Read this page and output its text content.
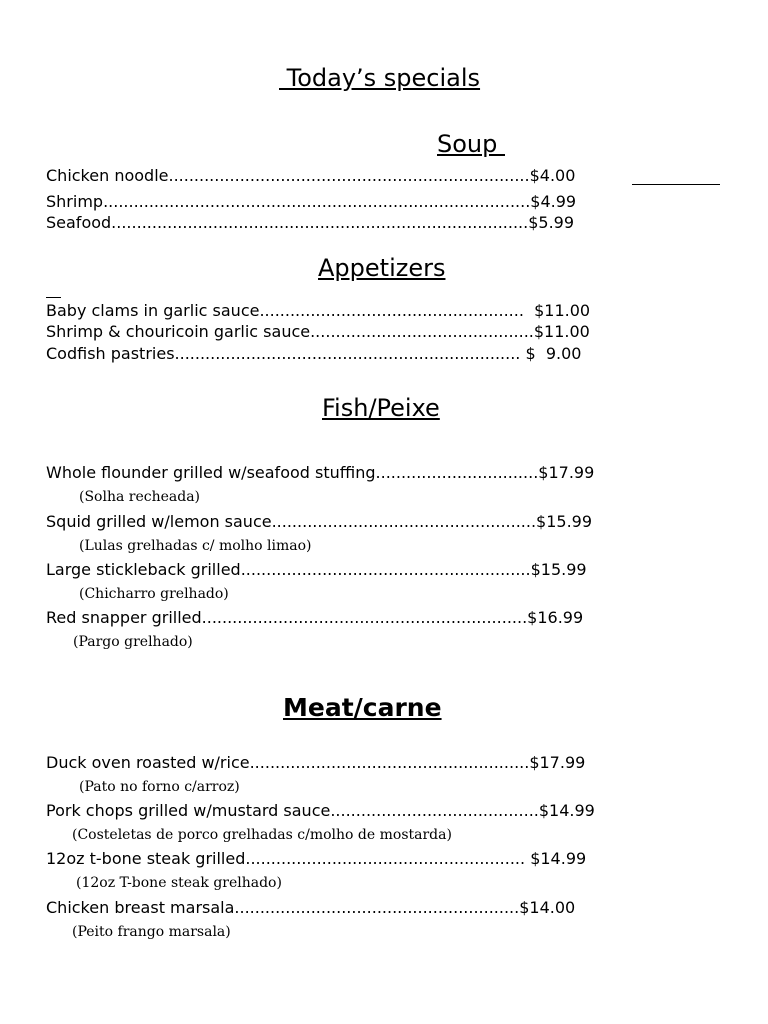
Today’s specials
Soup
Chicken noodle.......................................................................$4.00
Shrimp....................................................................................$4.99
Seafood..................................................................................$5.99
Appetizers
Baby clams in garlic sauce....................................................  $11.00
Shrimp & chouricoin garlic sauce............................................$11.00
Codfish pastries.................................................................... $  9.00
Fish/Peixe
Whole flounder grilled w/seafood stuffing................................$17.99
(Solha recheada)
Squid grilled w/lemon sauce....................................................$15.99
(Lulas grelhadas c/ molho limao)
Large stickleback grilled.........................................................$15.99
(Chicharro grelhado)
Red snapper grilled................................................................$16.99
(Pargo grelhado)
Meat/carne
Duck oven roasted w/rice.......................................................$17.99
(Pato no forno c/arroz)
Pork chops grilled w/mustard sauce.........................................$14.99
(Costeletas de porco grelhadas c/molho de mostarda)
12oz t-bone steak grilled....................................................... $14.99
(12oz T-bone steak grelhado)
Chicken breast marsala........................................................$14.00
(Peito frango marsala)
